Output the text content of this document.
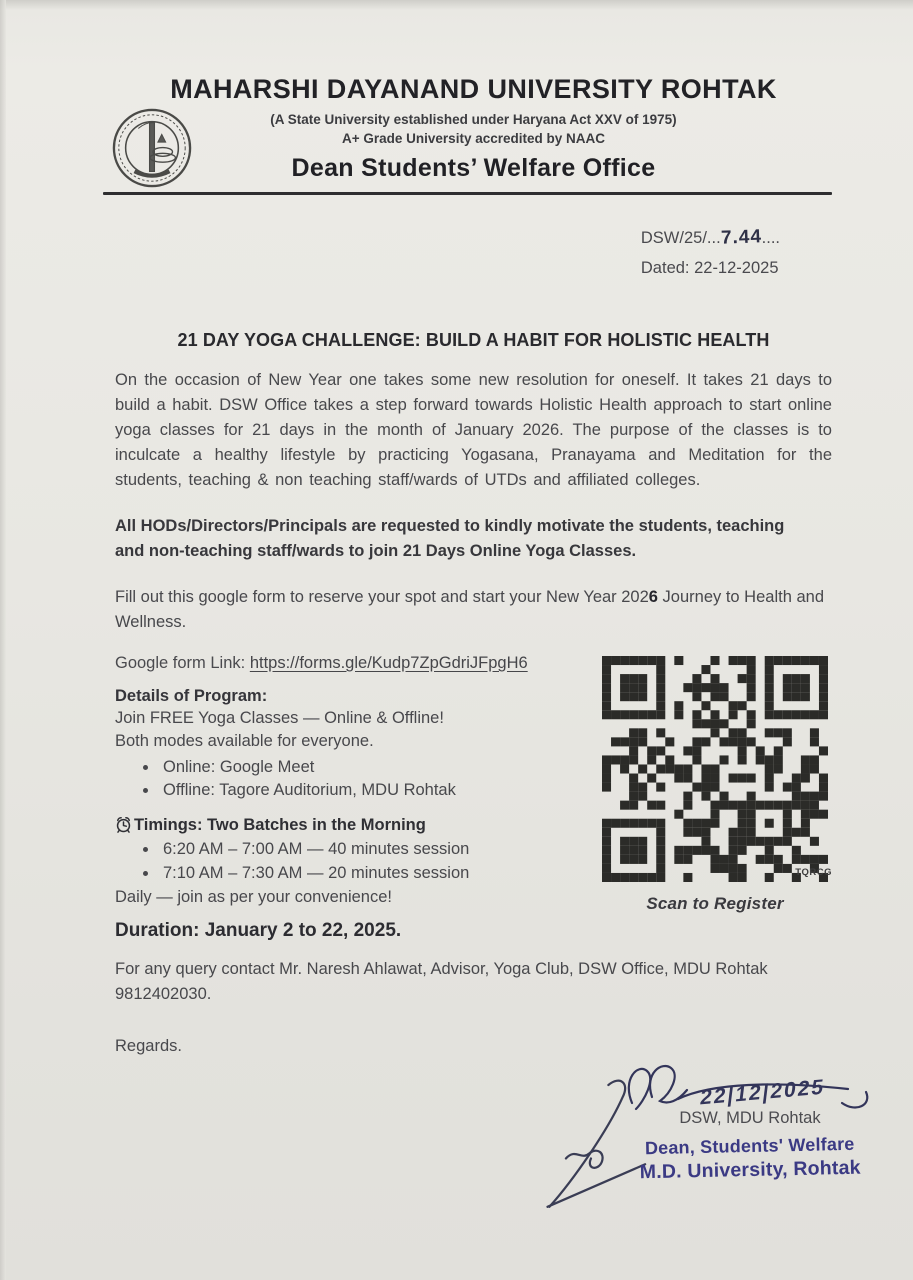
MAHARSHI DAYANAND UNIVERSITY ROHTAK
(A State University established under Haryana Act XXV of 1975)
A+ Grade University accredited by NAAC
Dean Students’ Welfare Office
DSW/25/...7.44....
Dated: 22-12-2025
21 DAY YOGA CHALLENGE: BUILD A HABIT FOR HOLISTIC HEALTH

On the occasion of New Year one takes some new resolution for oneself. It takes 21 days to build a habit. DSW Office takes a step forward towards Holistic Health approach to start online yoga classes for 21 days in the month of January 2026. The purpose of the classes is to inculcate a healthy lifestyle by practicing Yogasana, Pranayama and Meditation for the students, teaching & non teaching staff/wards of UTDs and affiliated colleges.

All HODs/Directors/Principals are requested to kindly motivate the students, teaching and non-teaching staff/wards to join 21 Days Online Yoga Classes.

Fill out this google form to reserve your spot and start your New Year 2026 Journey to Health and Wellness.

Google form Link: https://forms.gle/Kudp7ZpGdriJFpgH6

Details of Program:

Join FREE Yoga Classes — Online & Offline!

Both modes available for everyone.

• Online: Google Meet
• Offline: Tagore Auditorium, MDU Rohtak

Timings: Two Batches in the Morning

• 6:20 AM – 7:00 AM — 40 minutes session
• 7:10 AM – 7:30 AM — 20 minutes session

Daily — join as per your convenience!

Duration: January 2 to 22, 2025.

TQRCG
Scan to Register

For any query contact Mr. Naresh Ahlawat, Advisor, Yoga Club, DSW Office, MDU Rohtak 9812402030.

Regards.

22|12|2025
DSW, MDU Rohtak
Dean, Students' Welfare
M.D. University, Rohtak
